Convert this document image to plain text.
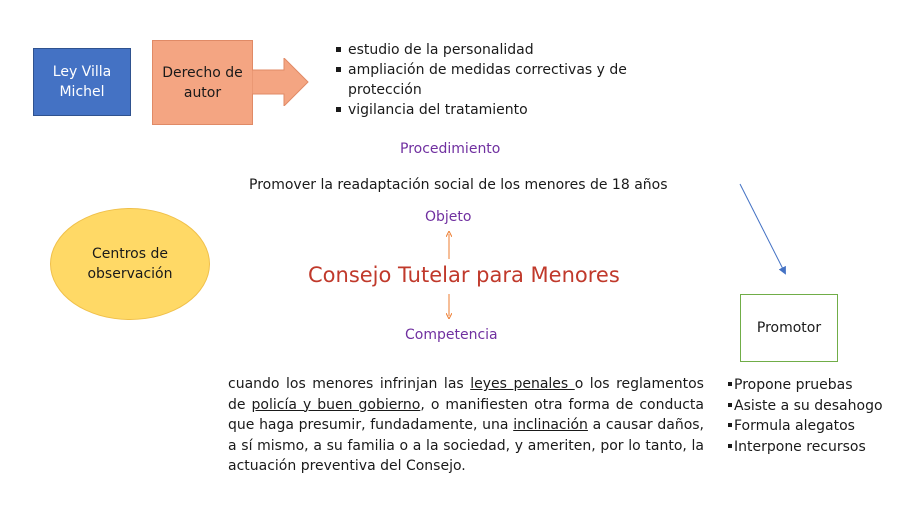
Ley Villa Michel
Derecho de autor
estudio de la personalidad
ampliación de medidas correctivas y de protección
vigilancia del tratamiento
Procedimiento
Promover la readaptación social de los menores de 18 años
Objeto
Consejo Tutelar para Menores
Competencia
Centros de observación
Promotor

cuando los menores infrinjan las leyes penales o los reglamentos de policía y buen gobierno, o manifiesten otra forma de conducta que haga presumir, fundadamente, una inclinación a causar daños, a sí mismo, a su familia o a la sociedad, y ameriten, por lo tanto, la actuación preventiva del Consejo.

Propone pruebas
Asiste a su desahogo
Formula alegatos
Interpone recursos
